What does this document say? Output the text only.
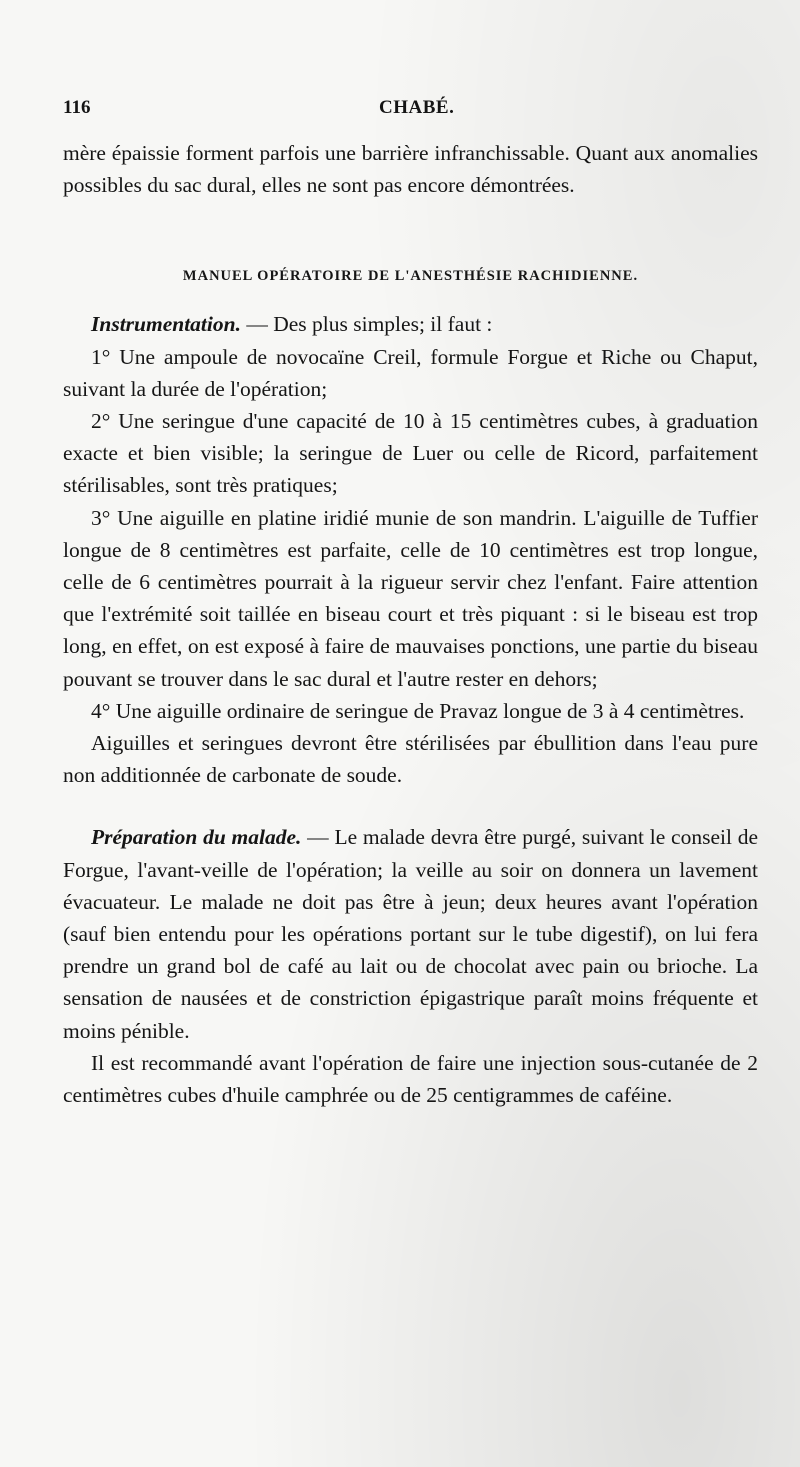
116	CHABÉ.

mère épaissie forment parfois une barrière infranchissable. Quant aux anomalies possibles du sac dural, elles ne sont pas encore démontrées.

MANUEL OPÉRATOIRE DE L'ANESTHÉSIE RACHIDIENNE.

Instrumentation. — Des plus simples; il faut :

1° Une ampoule de novocaïne Creil, formule Forgue et Riche ou Chaput, suivant la durée de l'opération;

2° Une seringue d'une capacité de 10 à 15 centimètres cubes, à graduation exacte et bien visible; la seringue de Luer ou celle de Ricord, parfaitement stérilisables, sont très pratiques;

3° Une aiguille en platine iridié munie de son mandrin. L'aiguille de Tuffier longue de 8 centimètres est parfaite, celle de 10 centimètres est trop longue, celle de 6 centimètres pourrait à la rigueur servir chez l'enfant. Faire attention que l'extrémité soit taillée en biseau court et très piquant : si le biseau est trop long, en effet, on est exposé à faire de mauvaises ponctions, une partie du biseau pouvant se trouver dans le sac dural et l'autre rester en dehors;

4° Une aiguille ordinaire de seringue de Pravaz longue de 3 à 4 centimètres.

Aiguilles et seringues devront être stérilisées par ébullition dans l'eau pure non additionnée de carbonate de soude.

Préparation du malade. — Le malade devra être purgé, suivant le conseil de Forgue, l'avant-veille de l'opération; la veille au soir on donnera un lavement évacuateur. Le malade ne doit pas être à jeun; deux heures avant l'opération (sauf bien entendu pour les opérations portant sur le tube digestif), on lui fera prendre un grand bol de café au lait ou de chocolat avec pain ou brioche. La sensation de nausées et de constriction épigastrique paraît moins fréquente et moins pénible.

Il est recommandé avant l'opération de faire une injection sous-cutanée de 2 centimètres cubes d'huile camphrée ou de 25 centigrammes de caféine.
